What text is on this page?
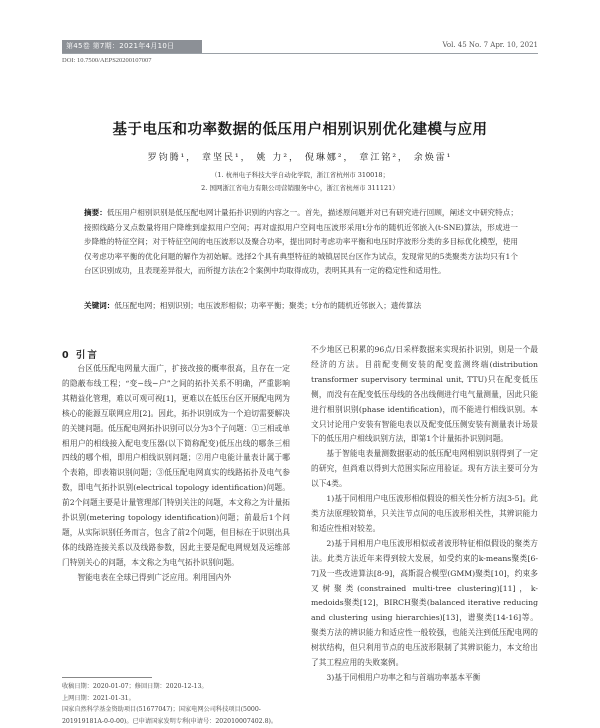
第45卷 第7期：2021年4月10日	Vol. 45 No. 7 Apr. 10, 2021
DOI: 10.7500/AEPS20200107007
基于电压和功率数据的低压用户相别识别优化建模与应用
罗钧腾¹， 章坚民¹， 姚 力²， 倪琳娜²， 章江铭²， 余焕雷¹
（1. 杭州电子科技大学自动化学院，浙江省杭州市 310018；
2. 国网浙江省电力有限公司营销服务中心，浙江省杭州市 311121）
摘要：低压用户相别识别是低压配电网计量拓扑识别的内容之一。首先，描述原问题并对已有研究进行回顾，阐述文中研究特点；接照线路分叉点数量将用户降维到虚拟用户空间；再对虚拟用户空间电压波形采用t分布的随机近邻嵌入(t-SNE)算法，形成进一步降维的特征空间；对于特征空间的电压波形以及聚合功率，提出同时考虑功率平衡和电压时序波形分类的多目标优化模型，使用仅考虑功率平衡的优化问题的解作为初始解。选择2个具有典型特征的城镇居民台区作为试点，发现常见的5类聚类方法均只有1个台区识别成功，且表现差异很大，而所提方法在2个案例中均取得成功，表明其具有一定的稳定性和适用性。
关键词：低压配电网；相别识别；电压波形相似；功率平衡；聚类；t分布的随机近邻嵌入；遗传算法
0 引言

台区低压配电网量大面广，扩接改接的概率很高，且存在一定的隐蔽布线工程；“变−线−户”之间的拓扑关系不明确，严重影响其精益化管理，难以可观可视[1]，更难以在低压台区开展配电网为核心的能源互联网应用[2]。因此，拓扑识别成为一个迫切需要解决的关键问题。低压配电网拓扑识别可以分为3个子问题：①三相或单相用户的相线接入配电变压器(以下简称配变)低压出线的哪条三相四线的哪个相，即用户相线识别问题；②用户电能计量表计属于哪个表箱，即表箱识别问题；③低压配电网真实的线路拓扑及电气参数，即电气拓扑识别(electrical topology identification)问题。前2个问题主要是计量管理部门特别关注的问题，本文称之为计量拓扑识别(metering topology identification)问题；前最后1个问题，从实际识别任务而言，包含了前2个问题，但目标在于识别出具体的线路连接关系以及线路参数，因此主要是配电网规划及运维部门特别关心的问题，本文称之为电气拓扑识别问题。

智能电表在全球已得到广泛应用。利用国内外

不少地区已积累的96点/日采样数据来实现拓扑识别，则是一个最经济的方法。目前配变侧安装的配变监测终端(distribution transformer supervisory terminal unit, TTU)只在配变低压侧，而没有在配变低压母线的各出线侧进行电气量测量，因此只能进行相别识别(phase identification)，而不能进行相线识别。本文只讨论用户安装有智能电表以及配变低压侧安装有测量表计场景下的低压用户相线识别方法，即第1个计量拓扑识别问题。

基于智能电表量测数据驱动的低压配电网相别识别得到了一定的研究，但尚难以得到大范围实际应用验证。现有方法主要可分为以下4类。

1)基于同相用户电压波形相似假设的相关性分析方法[3-5]。此类方法原理较简单，只关注节点间的电压波形相关性，其辨识能力和适应性相对较差。

2)基于同相用户电压波形相似或者波形特征相似假设的聚类方法。此类方法近年来得到较大发展，如受约束的k-means聚类[6-7]及一些改进算法[8-9]，高斯混合模型(GMM)聚类[10]，约束多叉树聚类(constrained multi-tree clustering)[11]，k-medoids聚类[12]，BIRCH聚类(balanced iterative reducing and clustering using hierarchies)[13]，谱聚类[14-16]等。聚类方法的辨识能力和适应性一般较强，也能关注到低压配电网的树状结构，但只利用节点的电压波形限制了其辨识能力，本文给出了其工程应用的失败案例。

3)基于同相用户功率之和与首端功率基本平衡

收稿日期：2020-01-07；修回日期：2020-12-13。
上网日期：2021-01-31。
国家自然科学基金资助项目(51677047)；国家电网公司科技项目(5000-201919181A-0-0-00)。已申请国家发明专利(申请号：202010007402.8)。
